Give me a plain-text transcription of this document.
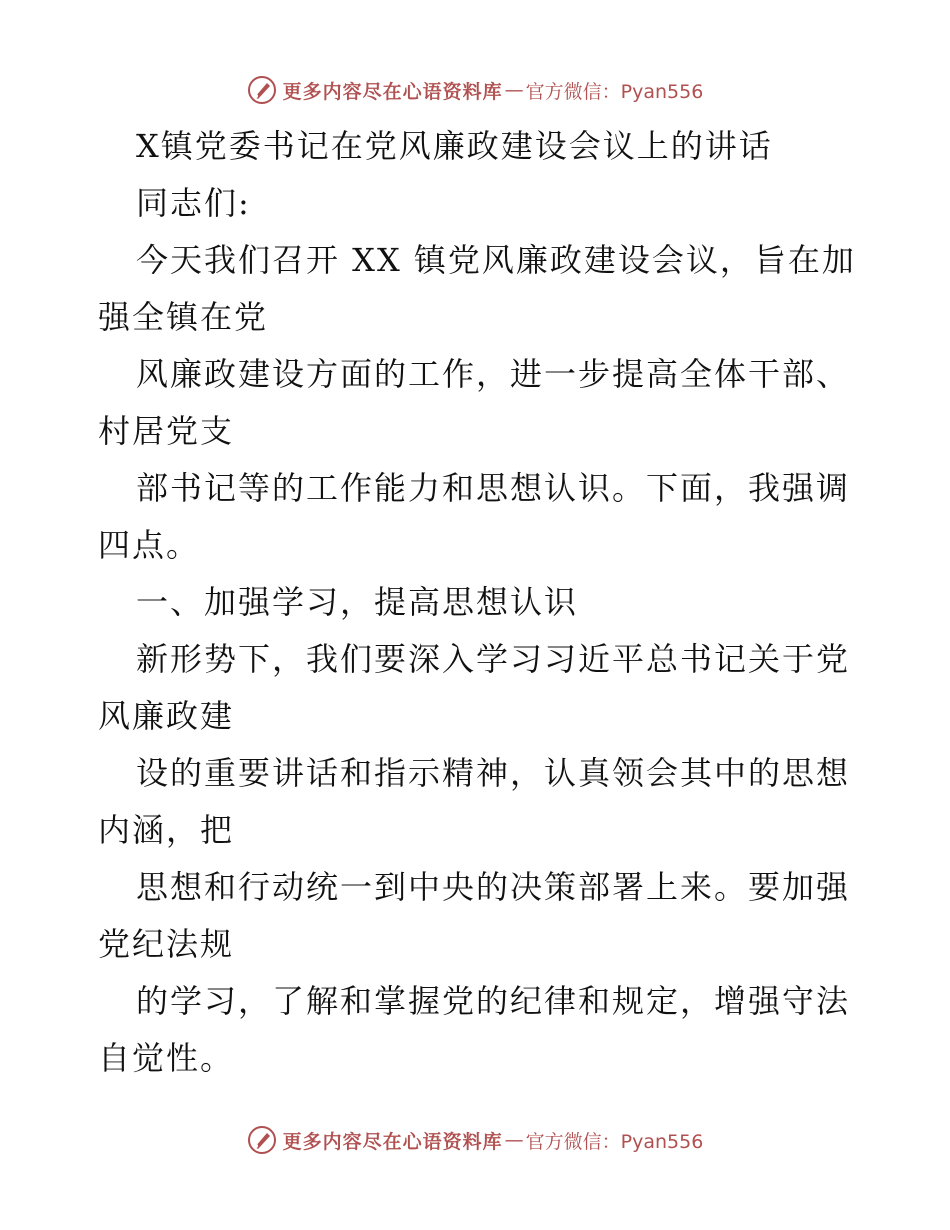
更多内容尽在心语资料库 — 官方微信：Pyan556
X镇党委书记在党风廉政建设会议上的讲话
同志们:
今天我们召开 XX 镇党风廉政建设会议，旨在加
强全镇在党
风廉政建设方面的工作，进一步提高全体干部、
村居党支
部书记等的工作能力和思想认识。下面，我强调
四点。
一、加强学习，提高思想认识
新形势下，我们要深入学习习近平总书记关于党
风廉政建
设的重要讲话和指示精神，认真领会其中的思想
内涵，把
思想和行动统一到中央的决策部署上来。要加强
党纪法规
的学习，了解和掌握党的纪律和规定，增强守法
自觉性。
更多内容尽在心语资料库 — 官方微信：Pyan556
